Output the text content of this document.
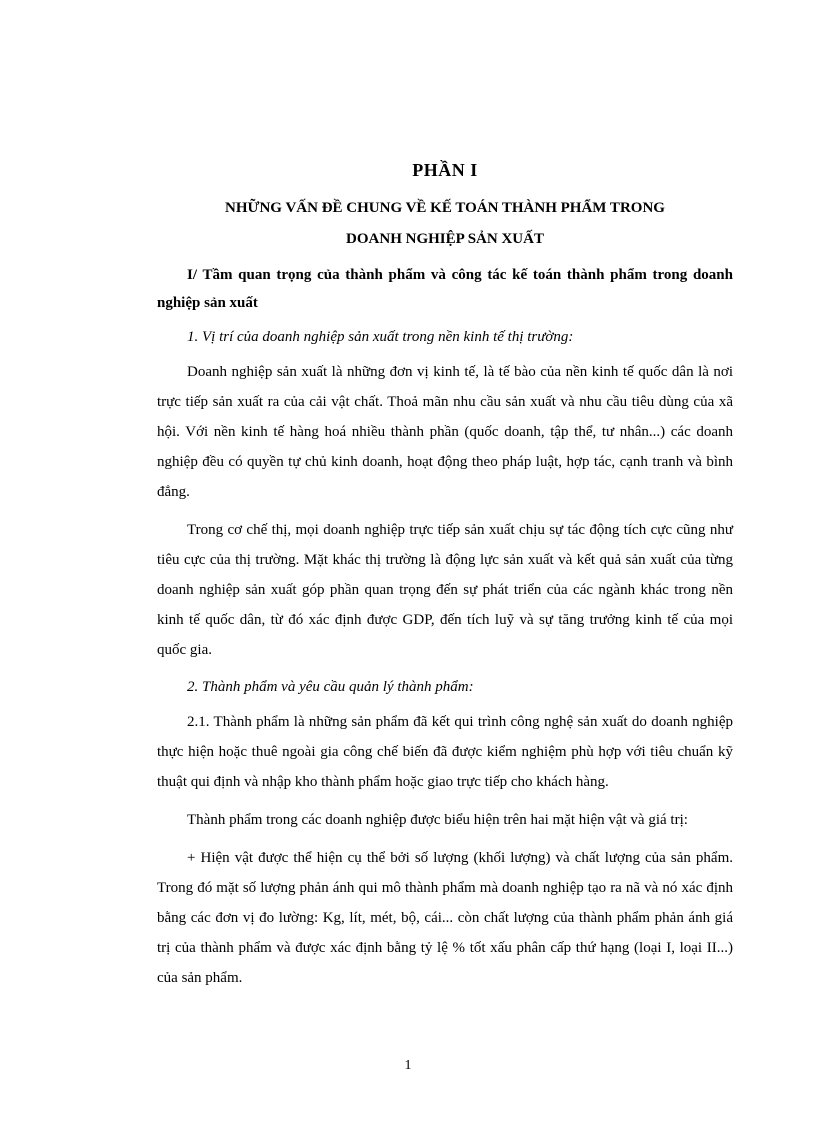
PHẦN I
NHỮNG VẤN ĐỀ CHUNG VỀ KẾ TOÁN THÀNH PHẨM TRONG
DOANH NGHIỆP SẢN XUẤT
I/ Tầm quan trọng của thành phẩm và công tác kế toán thành phẩm trong doanh nghiệp sản xuất
1. Vị trí của doanh nghiệp sản xuất trong nền kinh tế thị trường:
Doanh nghiệp sản xuất là những đơn vị kinh tế, là tế bào của nền kinh tế quốc dân là nơi trực tiếp sản xuất ra của cải vật chất. Thoả mãn nhu cầu sản xuất và nhu cầu tiêu dùng của xã hội. Với nền kinh tế hàng hoá nhiều thành phần (quốc doanh, tập thể, tư nhân...) các doanh nghiệp đều có quyền tự chủ kinh doanh, hoạt động theo pháp luật, hợp tác, cạnh tranh và bình đẳng.
Trong cơ chế thị, mọi doanh nghiệp trực tiếp sản xuất chịu sự tác động tích cực cũng như tiêu cực của thị trường. Mặt khác thị trường là động lực sản xuất và kết quả sản xuất của từng doanh nghiệp sản xuất góp phần quan trọng đến sự phát triển của các ngành khác trong nền kinh tế quốc dân, từ đó xác định được GDP, đến tích luỹ và sự tăng trưởng kinh tế của mọi quốc gia.
2. Thành phẩm và yêu cầu quản lý thành phẩm:
2.1. Thành phẩm là những sản phẩm đã kết qui trình công nghệ sản xuất do doanh nghiệp thực hiện hoặc thuê ngoài gia công chế biến đã được kiểm nghiệm phù hợp với tiêu chuẩn kỹ thuật qui định và nhập kho thành phẩm hoặc giao trực tiếp cho khách hàng.
Thành phẩm trong các doanh nghiệp được biểu hiện trên hai mặt hiện vật và giá trị:
+ Hiện vật được thể hiện cụ thể bởi số lượng (khối lượng) và chất lượng của sản phẩm. Trong đó mặt số lượng phản ánh qui mô thành phẩm mà doanh nghiệp tạo ra nã và nó xác định bằng các đơn vị đo lường: Kg, lít, mét, bộ, cái... còn chất lượng của thành phẩm phản ánh giá trị của thành phẩm và được xác định bằng tỷ lệ % tốt xấu phân cấp thứ hạng (loại I, loại II...) của sản phẩm.
1
